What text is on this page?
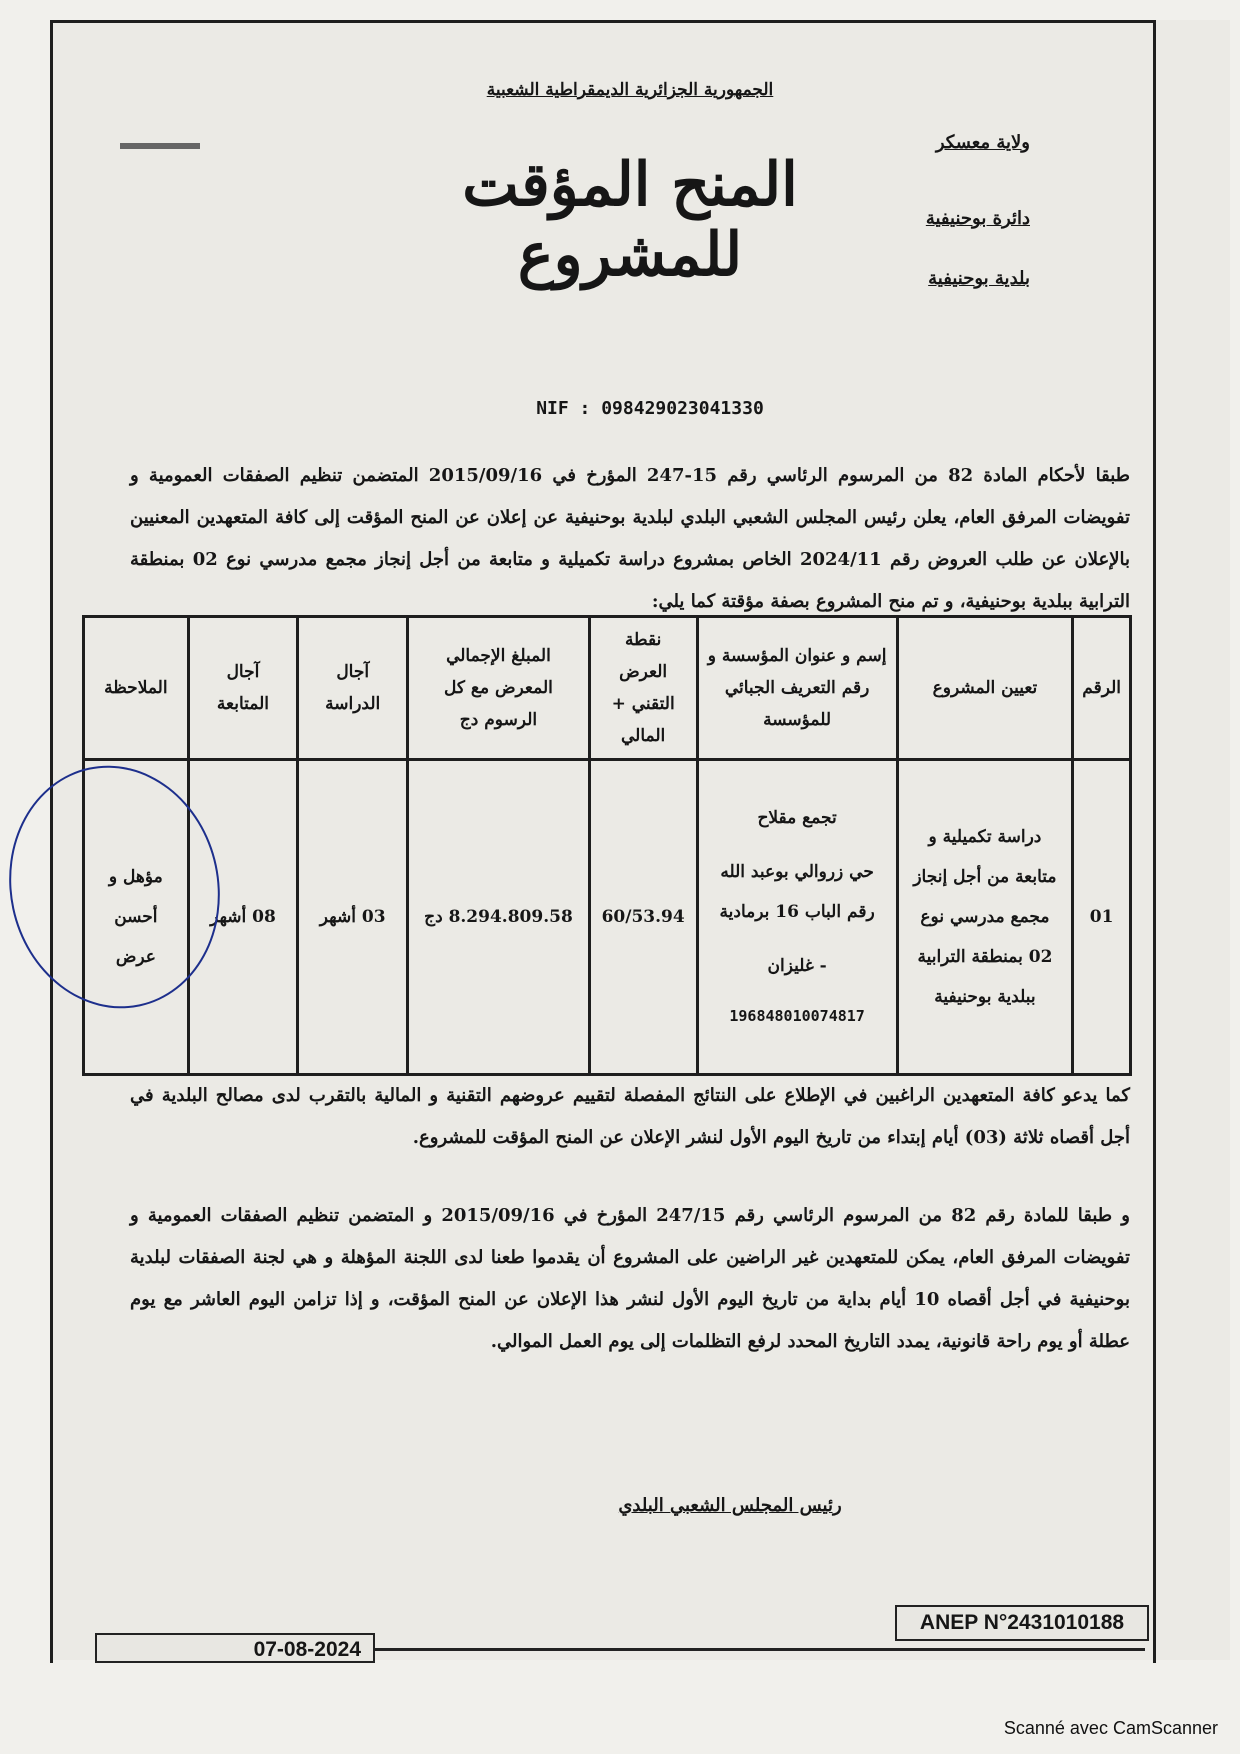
الجمهورية الجزائرية الديمقراطية الشعبية
ولاية معسكر
دائرة بوحنيفية
بلدية بوحنيفية
المنح المؤقت للمشروع
NIF : 098429023041330
طبقا لأحكام المادة 82 من المرسوم الرئاسي رقم 15-247 المؤرخ في 2015/09/16 المتضمن تنظيم الصفقات العمومية و تفويضات المرفق العام، يعلن رئيس المجلس الشعبي البلدي لبلدية بوحنيفية عن إعلان عن المنح المؤقت إلى كافة المتعهدين المعنيين بالإعلان عن طلب العروض رقم 2024/11 الخاص بمشروع دراسة تكميلية و متابعة من أجل إنجاز مجمع مدرسي نوع 02 بمنطقة الترابية ببلدية بوحنيفية، و تم منح المشروع بصفة مؤقتة كما يلي:
الرقم	تعيين المشروع	إسم و عنوان المؤسسة و رقم التعريف الجبائي للمؤسسة	نقطة العرض التقني + المالي	المبلغ الإجمالي المعرض مع كل الرسوم دج	آجال الدراسة	آجال المتابعة	الملاحظة
01	دراسة تكميلية و متابعة من أجل إنجاز مجمع مدرسي نوع 02 بمنطقة الترابية ببلدية بوحنيفية	تجمع مقلاح
حي زروالي بوعبد الله رقم الباب 16 برمادية
- غليزان
196848010074817	60/53.94	8.294.809.58 دج	03 أشهر	08 أشهر	مؤهل و أحسن عرض
كما يدعو كافة المتعهدين الراغبين في الإطلاع على النتائج المفصلة لتقييم عروضهم التقنية و المالية بالتقرب لدى مصالح البلدية في أجل أقصاه ثلاثة (03) أيام إبتداء من تاريخ اليوم الأول لنشر الإعلان عن المنح المؤقت للمشروع.
و طبقا للمادة رقم 82 من المرسوم الرئاسي رقم 247/15 المؤرخ في 2015/09/16 و المتضمن تنظيم الصفقات العمومية و تفويضات المرفق العام، يمكن للمتعهدين غير الراضين على المشروع أن يقدموا طعنا لدى اللجنة المؤهلة و هي لجنة الصفقات لبلدية بوحنيفية في أجل أقصاه 10 أيام بداية من تاريخ اليوم الأول لنشر هذا الإعلان عن المنح المؤقت، و إذا تزامن اليوم العاشر مع يوم عطلة أو يوم راحة قانونية، يمدد التاريخ المحدد لرفع التظلمات إلى يوم العمل الموالي.
رئيس المجلس الشعبي البلدي
ANEP N°2431010188
07-08-2024
Scanné avec CamScanner
